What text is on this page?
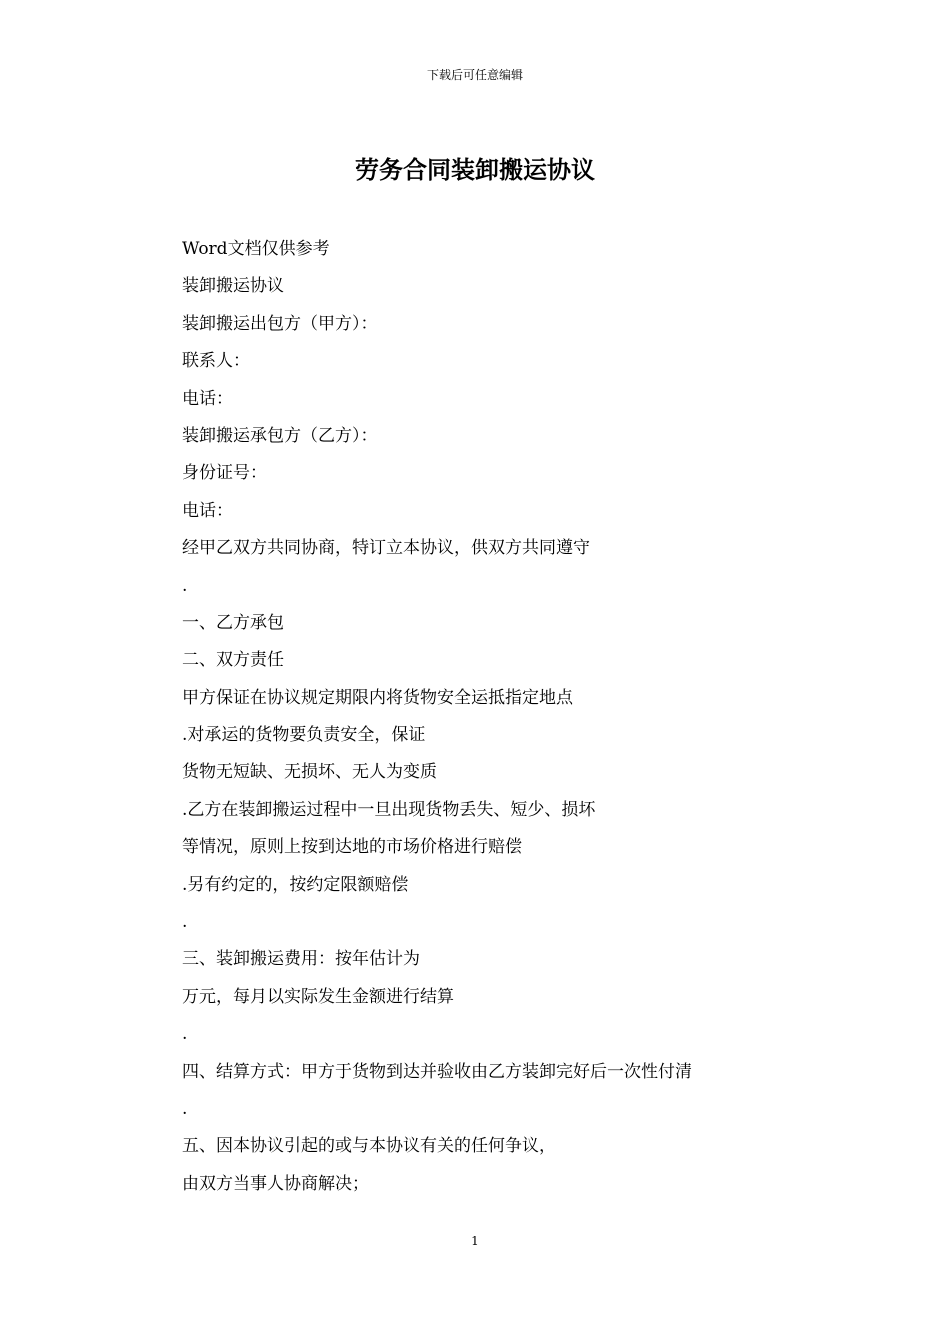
下载后可任意编辑
劳务合同装卸搬运协议
Word文档仅供参考
装卸搬运协议
装卸搬运出包方（甲方）：
联系人：
电话：
装卸搬运承包方（乙方）：
身份证号：
电话：
经甲乙双方共同协商，特订立本协议，供双方共同遵守
.
一、乙方承包
二、双方责任
甲方保证在协议规定期限内将货物安全运抵指定地点
.对承运的货物要负责安全，保证
货物无短缺、无损坏、无人为变质
.乙方在装卸搬运过程中一旦出现货物丢失、短少、损坏
等情况，原则上按到达地的市场价格进行赔偿
.另有约定的，按约定限额赔偿
.
三、装卸搬运费用：按年估计为
万元，每月以实际发生金额进行结算
.
四、结算方式：甲方于货物到达并验收由乙方装卸完好后一次性付清
.
五、因本协议引起的或与本协议有关的任何争议，
由双方当事人协商解决；
1
